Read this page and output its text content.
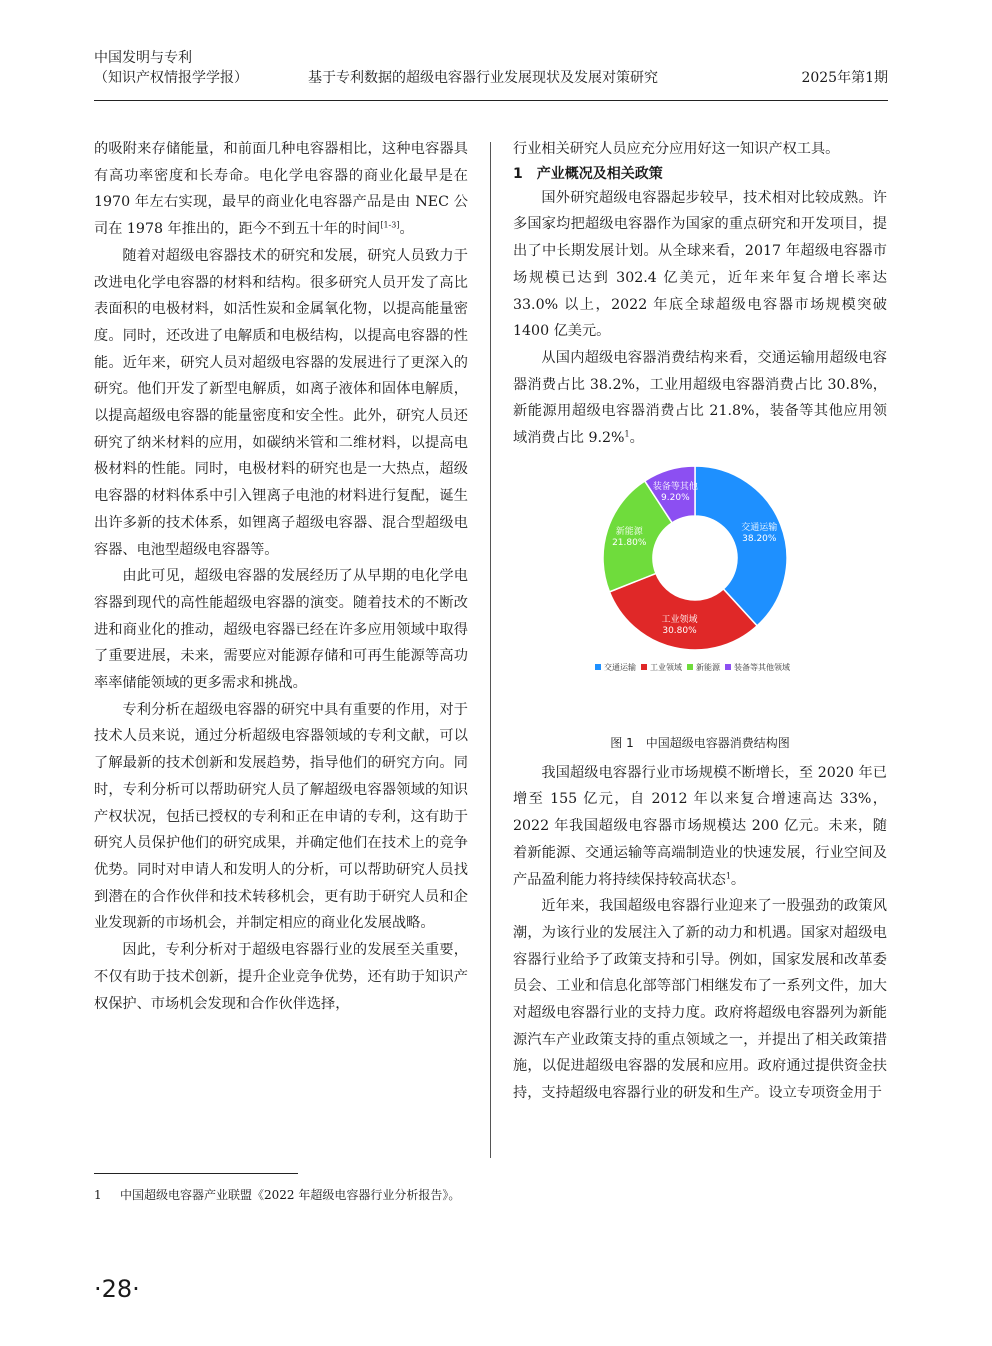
中国发明与专利
（知识产权情报学学报）	基于专利数据的超级电容器行业发展现状及发展对策研究	2025年第1期

的吸附来存储能量，和前面几种电容器相比，这种电容器具有高功率密度和长寿命。电化学电容器的商业化最早是在 1970 年左右实现，最早的商业化电容器产品是由 NEC 公司在 1978 年推出的，距今不到五十年的时间[1-3]。

随着对超级电容器技术的研究和发展，研究人员致力于改进电化学电容器的材料和结构。很多研究人员开发了高比表面积的电极材料，如活性炭和金属氧化物，以提高能量密度。同时，还改进了电解质和电极结构，以提高电容器的性能。近年来，研究人员对超级电容器的发展进行了更深入的研究。他们开发了新型电解质，如离子液体和固体电解质，以提高超级电容器的能量密度和安全性。此外，研究人员还研究了纳米材料的应用，如碳纳米管和二维材料，以提高电极材料的性能。同时，电极材料的研究也是一大热点，超级电容器的材料体系中引入锂离子电池的材料进行复配，诞生出许多新的技术体系，如锂离子超级电容器、混合型超级电容器、电池型超级电容器等。

由此可见，超级电容器的发展经历了从早期的电化学电容器到现代的高性能超级电容器的演变。随着技术的不断改进和商业化的推动，超级电容器已经在许多应用领域中取得了重要进展，未来，需要应对能源存储和可再生能源等高功率率储能领域的更多需求和挑战。

专利分析在超级电容器的研究中具有重要的作用，对于技术人员来说，通过分析超级电容器领域的专利文献，可以了解最新的技术创新和发展趋势，指导他们的研究方向。同时，专利分析可以帮助研究人员了解超级电容器领域的知识产权状况，包括已授权的专利和正在申请的专利，这有助于研究人员保护他们的研究成果，并确定他们在技术上的竞争优势。同时对申请人和发明人的分析，可以帮助研究人员找到潜在的合作伙伴和技术转移机会，更有助于研究人员和企业发现新的市场机会，并制定相应的商业化发展战略。

因此，专利分析对于超级电容器行业的发展至关重要，不仅有助于技术创新，提升企业竞争优势，还有助于知识产权保护、市场机会发现和合作伙伴选择，

行业相关研究人员应充分应用好这一知识产权工具。

1　产业概况及相关政策

国外研究超级电容器起步较早，技术相对比较成熟。许多国家均把超级电容器作为国家的重点研究和开发项目，提出了中长期发展计划。从全球来看，2017 年超级电容器市场规模已达到 302.4 亿美元，近年来年复合增长率达 33.0% 以上，2022 年底全球超级电容器市场规模突破 1400 亿美元。

从国内超级电容器消费结构来看，交通运输用超级电容器消费占比 38.2%，工业用超级电容器消费占比 30.8%，新能源用超级电容器消费占比 21.8%，装备等其他应用领域消费占比 9.2%$^1$。

交通运输
38.20%
工业领域
30.80%
新能源
21.80%
装备等其他
9.20%
交通运输 工业领域 新能源 装备等其他领域
图 1　中国超级电容器消费结构图

我国超级电容器行业市场规模不断增长，至 2020 年已增至 155 亿元，自 2012 年以来复合增速高达 33%，2022 年我国超级电容器市场规模达 200 亿元。未来，随着新能源、交通运输等高端制造业的快速发展，行业空间及产品盈利能力将持续保持较高状态$^1$。

近年来，我国超级电容器行业迎来了一股强劲的政策风潮，为该行业的发展注入了新的动力和机遇。国家对超级电容器行业给予了政策支持和引导。例如，国家发展和改革委员会、工业和信息化部等部门相继发布了一系列文件，加大对超级电容器行业的支持力度。政府将超级电容器列为新能源汽车产业政策支持的重点领域之一，并提出了相关政策措施，以促进超级电容器的发展和应用。政府通过提供资金扶持，支持超级电容器行业的研发和生产。设立专项资金用于

1 中国超级电容器产业联盟《2022 年超级电容器行业分析报告》。
·28·
